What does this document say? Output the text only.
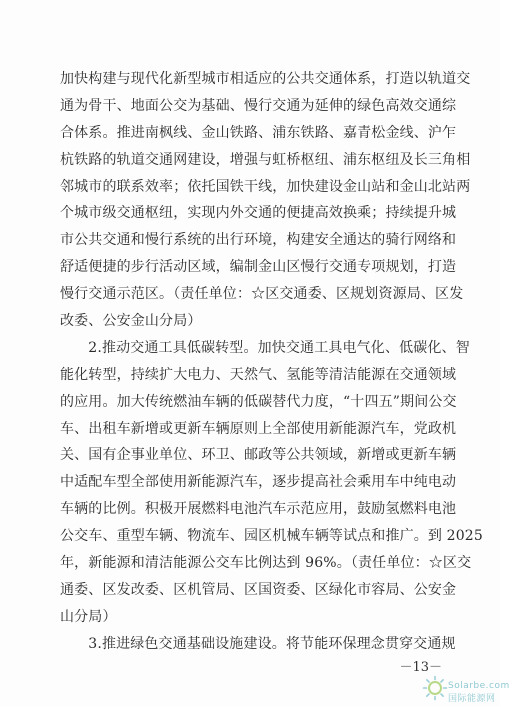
加快构建与现代化新型城市相适应的公共交通体系，打造以轨道交
通为骨干、地面公交为基础、慢行交通为延伸的绿色高效交通综
合体系。推进南枫线、金山铁路、浦东铁路、嘉青松金线、沪乍
杭铁路的轨道交通网建设，增强与虹桥枢纽、浦东枢纽及长三角相
邻城市的联系效率；依托国铁干线，加快建设金山站和金山北站两
个城市级交通枢纽，实现内外交通的便捷高效换乘；持续提升城
市公共交通和慢行系统的出行环境，构建安全通达的骑行网络和
舒适便捷的步行活动区域，编制金山区慢行交通专项规划，打造
慢行交通示范区。（责任单位：☆区交通委、区规划资源局、区发
改委、公安金山分局）
　　2.推动交通工具低碳转型。加快交通工具电气化、低碳化、智
能化转型，持续扩大电力、天然气、氢能等清洁能源在交通领域
的应用。加大传统燃油车辆的低碳替代力度，“十四五”期间公交
车、出租车新增或更新车辆原则上全部使用新能源汽车，党政机
关、国有企事业单位、环卫、邮政等公共领域，新增或更新车辆
中适配车型全部使用新能源汽车，逐步提高社会乘用车中纯电动
车辆的比例。积极开展燃料电池汽车示范应用，鼓励氢燃料电池
公交车、重型车辆、物流车、园区机械车辆等试点和推广。到 2025
年，新能源和清洁能源公交车比例达到 96%。（责任单位：☆区交
通委、区发改委、区机管局、区国资委、区绿化市容局、公安金
山分局）
　　3.推进绿色交通基础设施建设。将节能环保理念贯穿交通规
－13－
Solarbe.com 国际能源网
